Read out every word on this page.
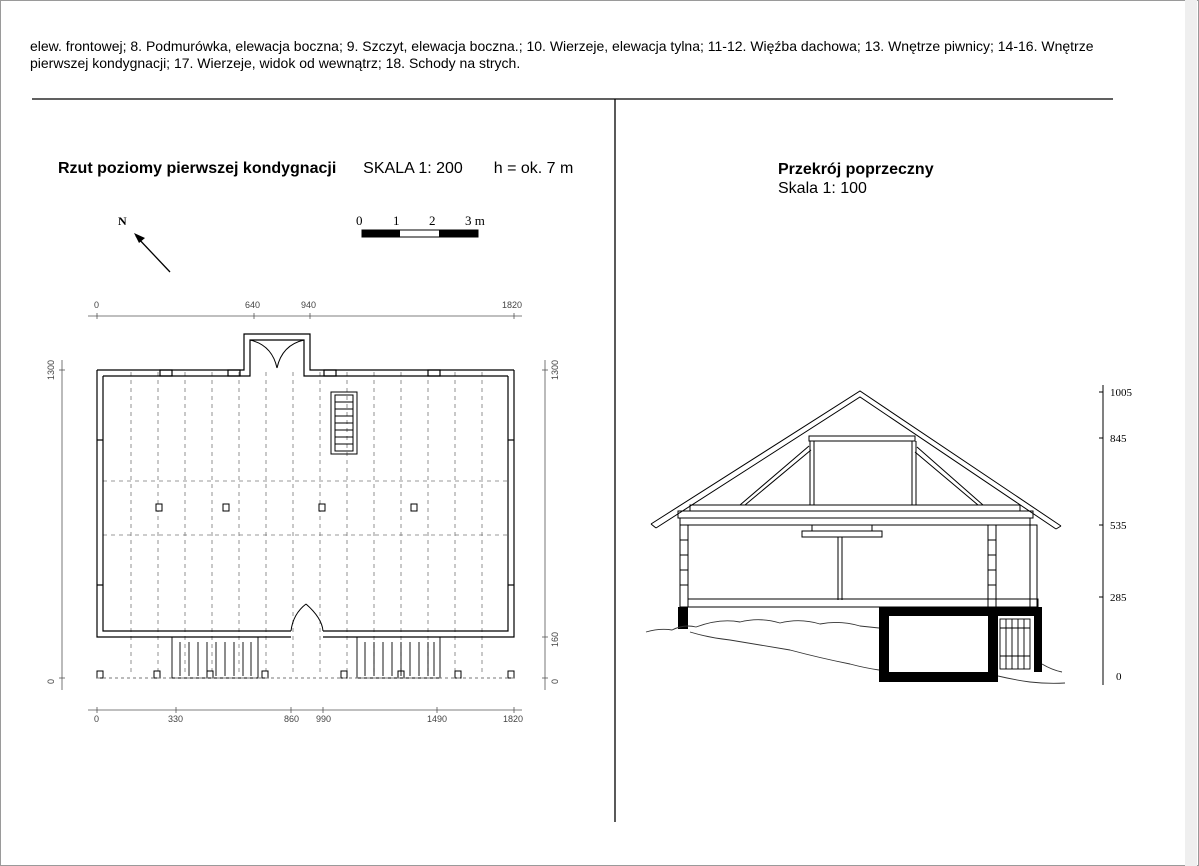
elew. frontowej; 8. Podmurówka, elewacja boczna; 9. Szczyt, elewacja boczna.; 10. Wierzeje, elewacja tylna; 11-12. Więźba dachowa; 13. Wnętrze piwnicy; 14-16. Wnętrze pierwszej kondygnacji; 17. Wierzeje, widok od wewnątrz; 18. Schody na strych.
Rzut poziomy pierwszej kondygnacji SKALA 1: 200 h = ok. 7 m	Przekrój poprzeczny
Skala 1: 100
N	0 1 2 3 m
0	640	940	1820
0	330	860 990	1490	1820
1300
0
1300
160
0
1005
845
535
285
0
